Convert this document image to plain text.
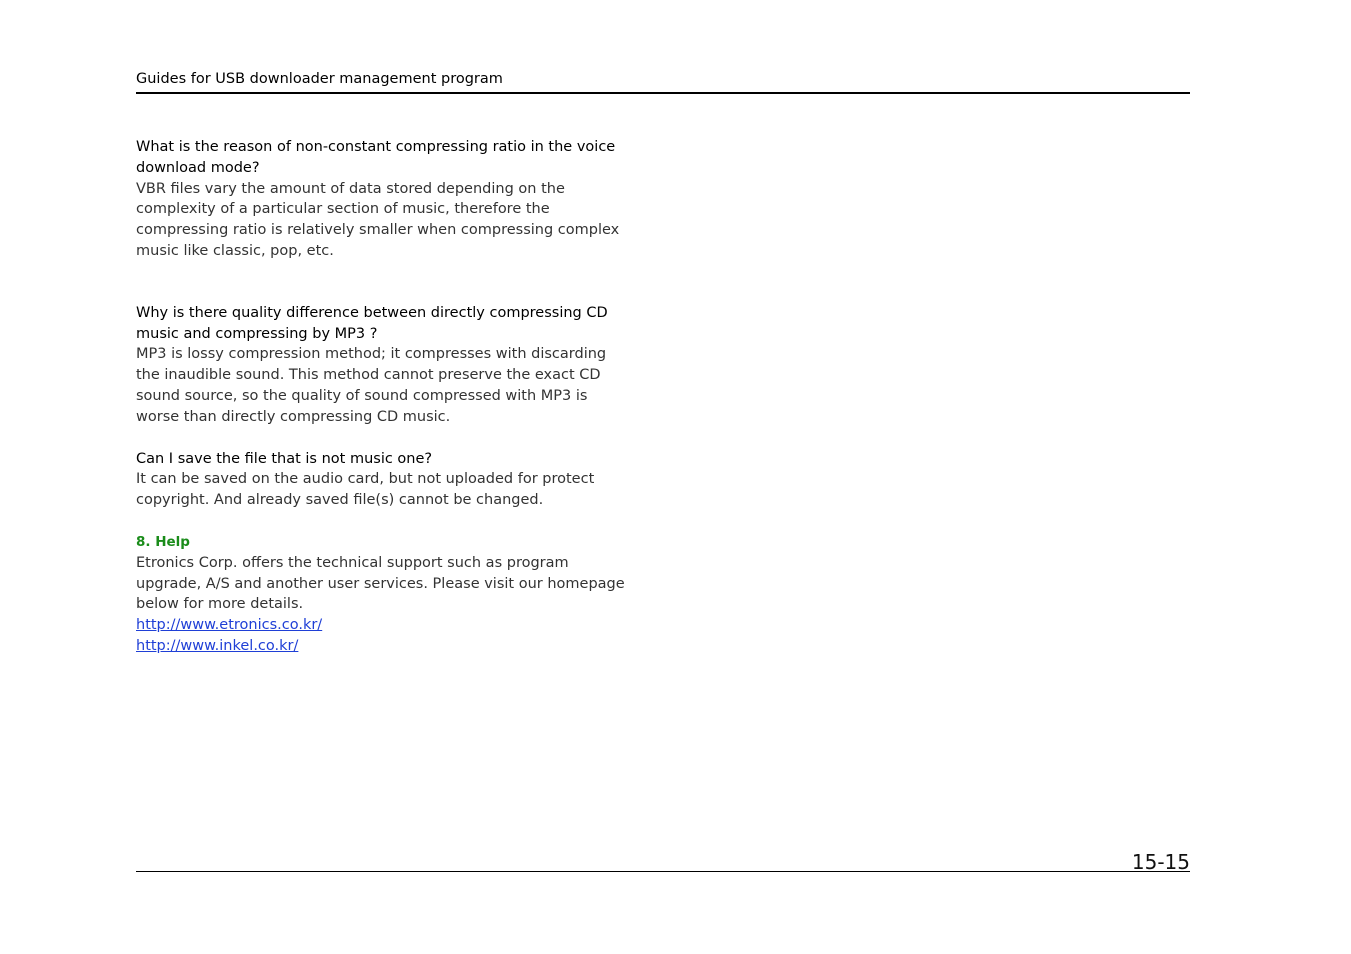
Guides for USB downloader management program

What is the reason of non-constant compressing ratio in the voice
download mode?

VBR files vary the amount of data stored depending on the
complexity of a particular section of music, therefore the
compressing ratio is relatively smaller when compressing complex
music like classic, pop, etc.

Why is there quality difference between directly compressing CD
music and compressing by MP3 ?

MP3 is lossy compression method; it compresses with discarding
the inaudible sound. This method cannot preserve the exact CD
sound source, so the quality of sound compressed with MP3 is
worse than directly compressing CD music.

Can I save the file that is not music one?

It can be saved on the audio card, but not uploaded for protect
copyright. And already saved file(s) cannot be changed.

8. Help

Etronics Corp. offers the technical support such as program
upgrade, A/S and another user services. Please visit our homepage
below for more details.

http://www.etronics.co.kr/
http://www.inkel.co.kr/
15-15
